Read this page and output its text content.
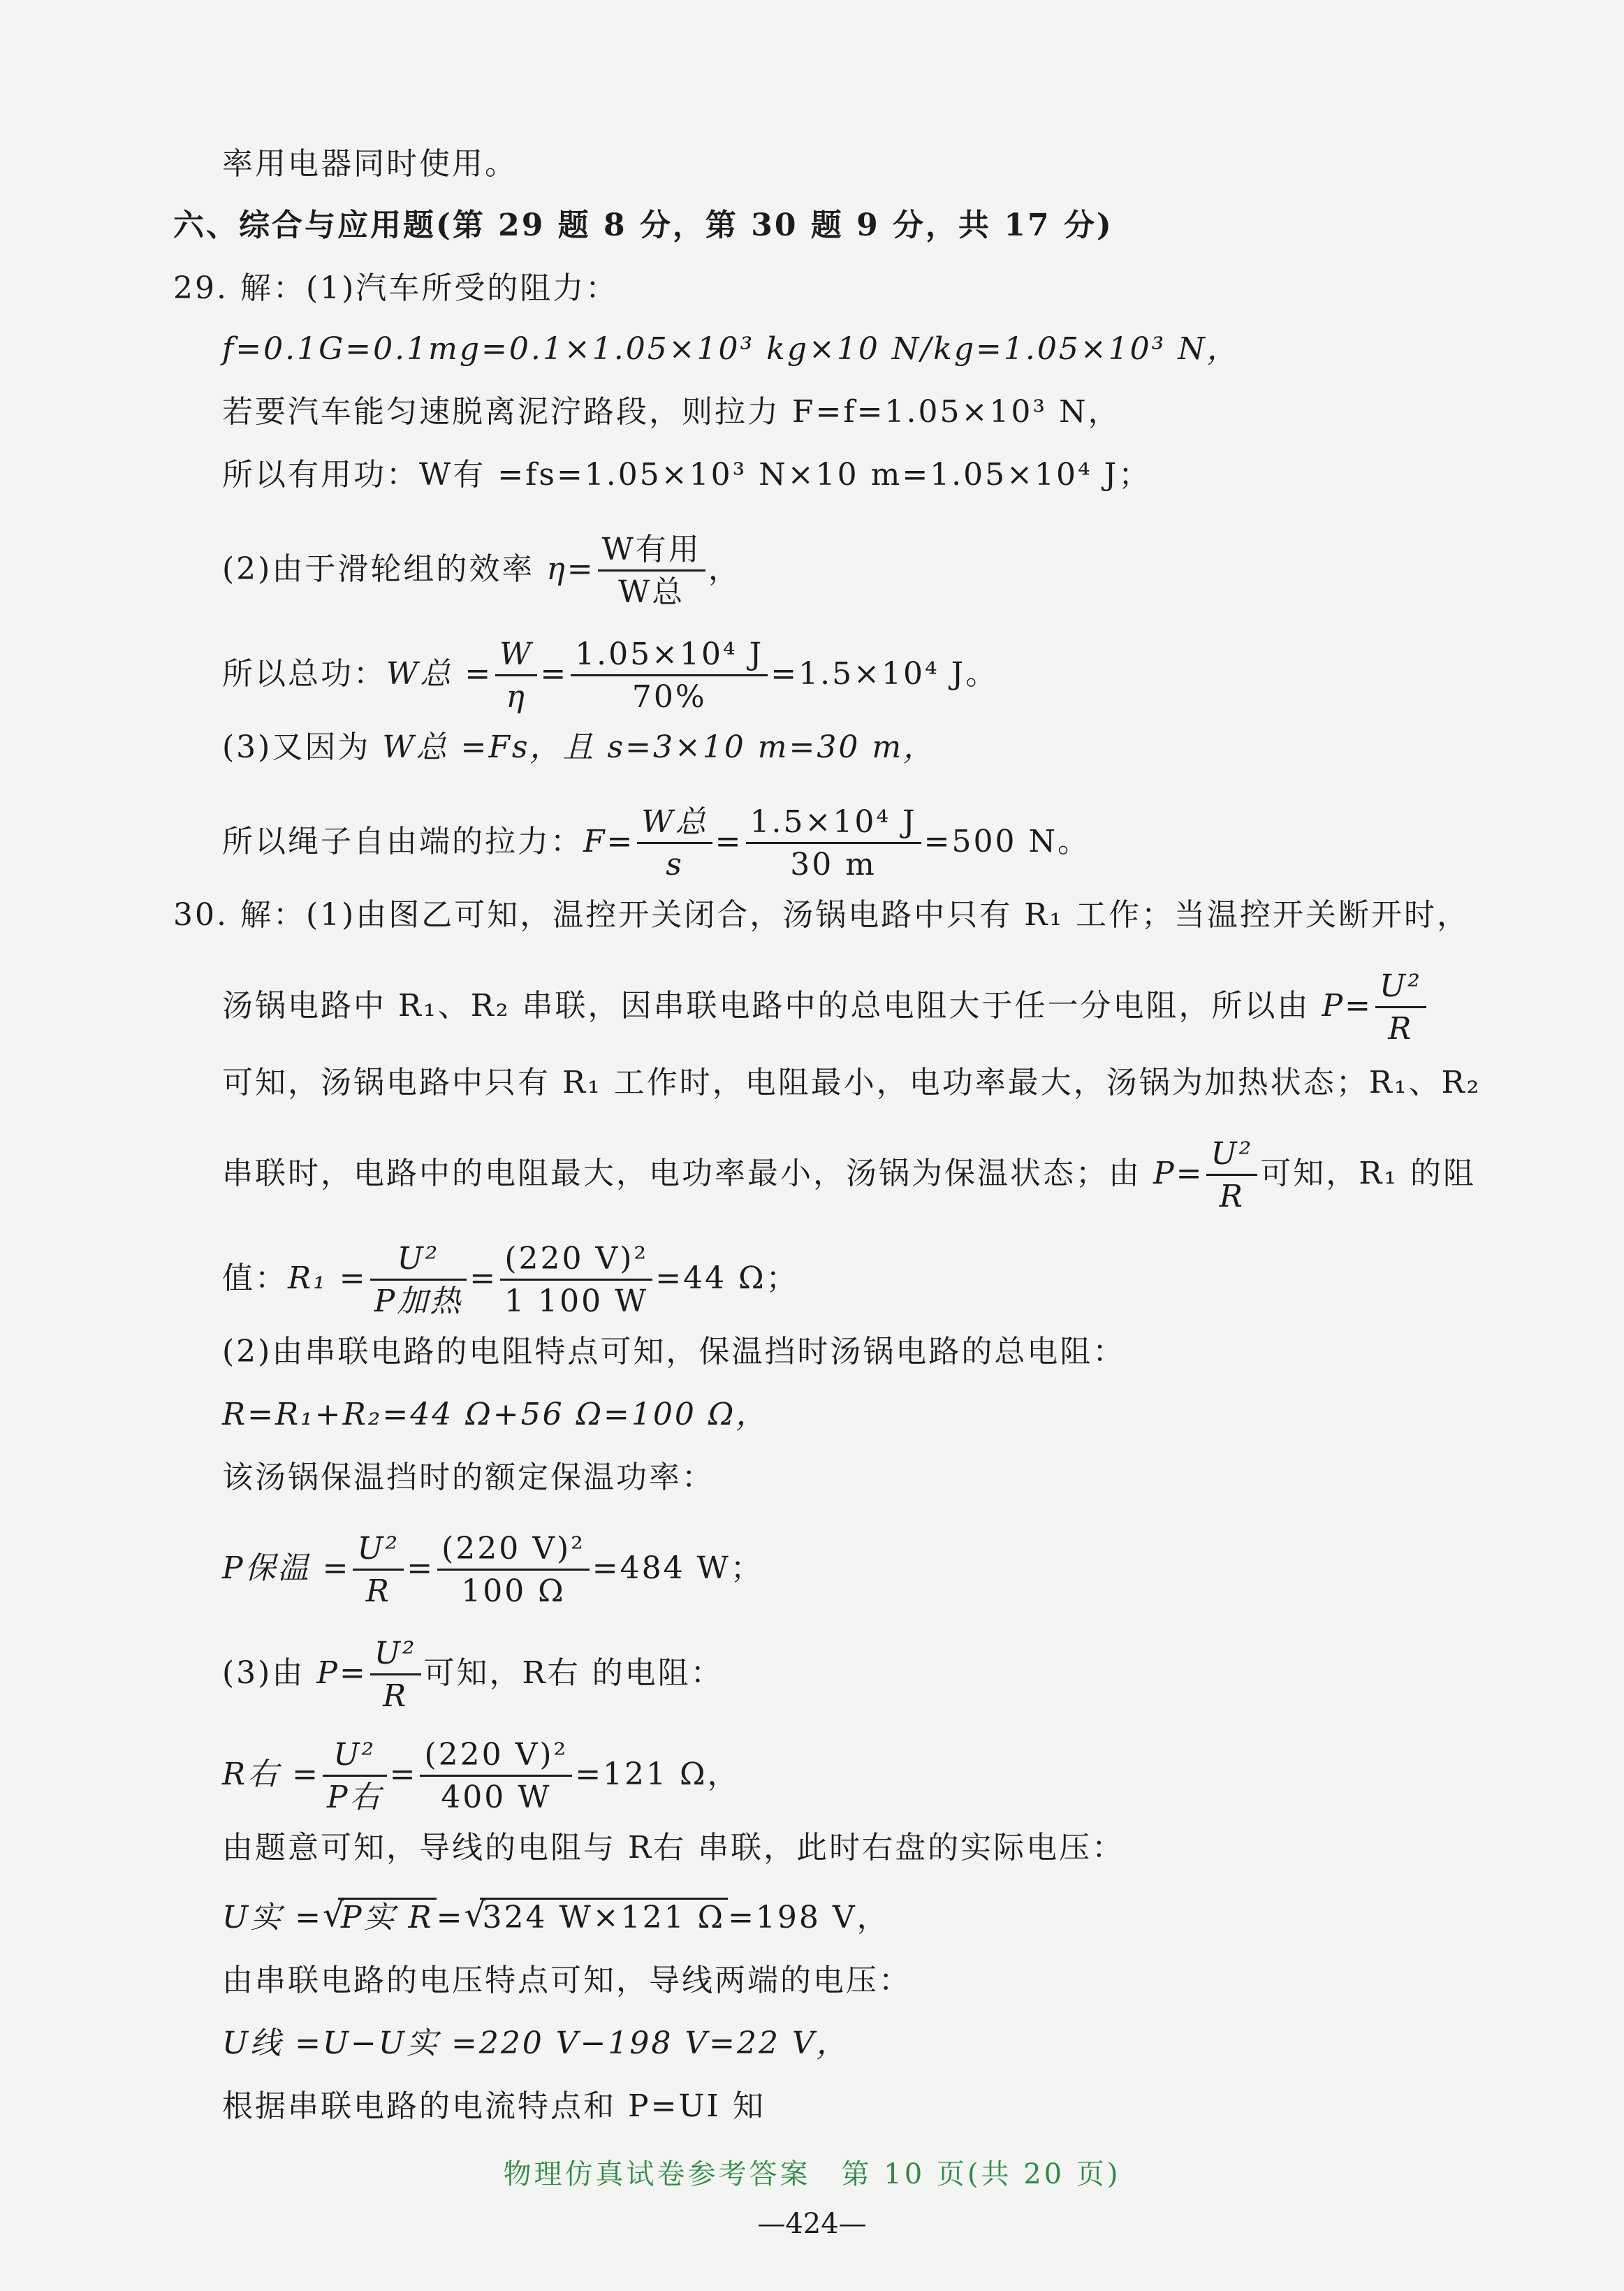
率用电器同时使用。
六、综合与应用题(第 29 题 8 分，第 30 题 9 分，共 17 分)
29. 解：(1)汽车所受的阻力：
f=0.1G=0.1mg=0.1×1.05×10³ kg×10 N/kg=1.05×10³ N，
若要汽车能匀速脱离泥泞路段，则拉力 F=f=1.05×10³ N，
所以有用功：W有 =fs=1.05×10³ N×10 m=1.05×10⁴ J；
(2)由于滑轮组的效率 $\eta= \frac{\text{W有用}}{\text{W总}}$ ，
所以总功：W总 = $\frac{W}{\eta} = \frac{\text{1.05×10⁴ J}}{70\%} =1.5\times 10^4$ J。
(3)又因为 W总 =Fs，且 s=3×10 m=30 m，
所以绳子自由端的拉力：$F= \frac{\text{W总}}{s} = \frac{\text{1.5×10⁴ J}}{30 m} =500$ N。
30. 解：(1)由图乙可知，温控开关闭合，汤锅电路中只有 R₁ 工作；当温控开关断开时，
汤锅电路中 R₁、R₂ 串联，因串联电路中的总电阻大于任一分电阻，所以由 $P= \frac{\text{U²}}{R}$
可知，汤锅电路中只有 R₁ 工作时，电阻最小，电功率最大，汤锅为加热状态；R₁、R₂
串联时，电路中的电阻最大，电功率最小，汤锅为保温状态；由 $P= \frac{\text{U²}}{R}$ 可知，R₁ 的阻
值：$R_1 = \frac{\text{U²}}{\text{P加热}} = \frac{\text{(220 V)²}}{1 100 W} =44$ Ω；
(2)由串联电路的电阻特点可知，保温挡时汤锅电路的总电阻：
R=R₁+R₂=44 Ω+56 Ω=100 Ω，
该汤锅保温挡时的额定保温功率：
P保温 = $\frac{\text{U²}}{R} = \frac{\text{(220 V)²}}{100 \Omega} =484$ W；
(3)由 $P= \frac{\text{U²}}{R}$ 可知，R右 的电阻：
R右 = $\frac{\text{U²}}{\text{P右}} = \frac{\text{(220 V)²}}{400 W} =121$ Ω，
由题意可知，导线的电阻与 R右 串联，此时右盘的实际电压：
U实 = √ P实 R= √ 324 W×121 Ω=198 V，
由串联电路的电压特点可知，导线两端的电压：
U线 =U−U实 =220 V−198 V=22 V，
根据串联电路的电流特点和 P=UI 知
物理仿真试卷参考答案　第 10 页(共 20 页)
—424—
